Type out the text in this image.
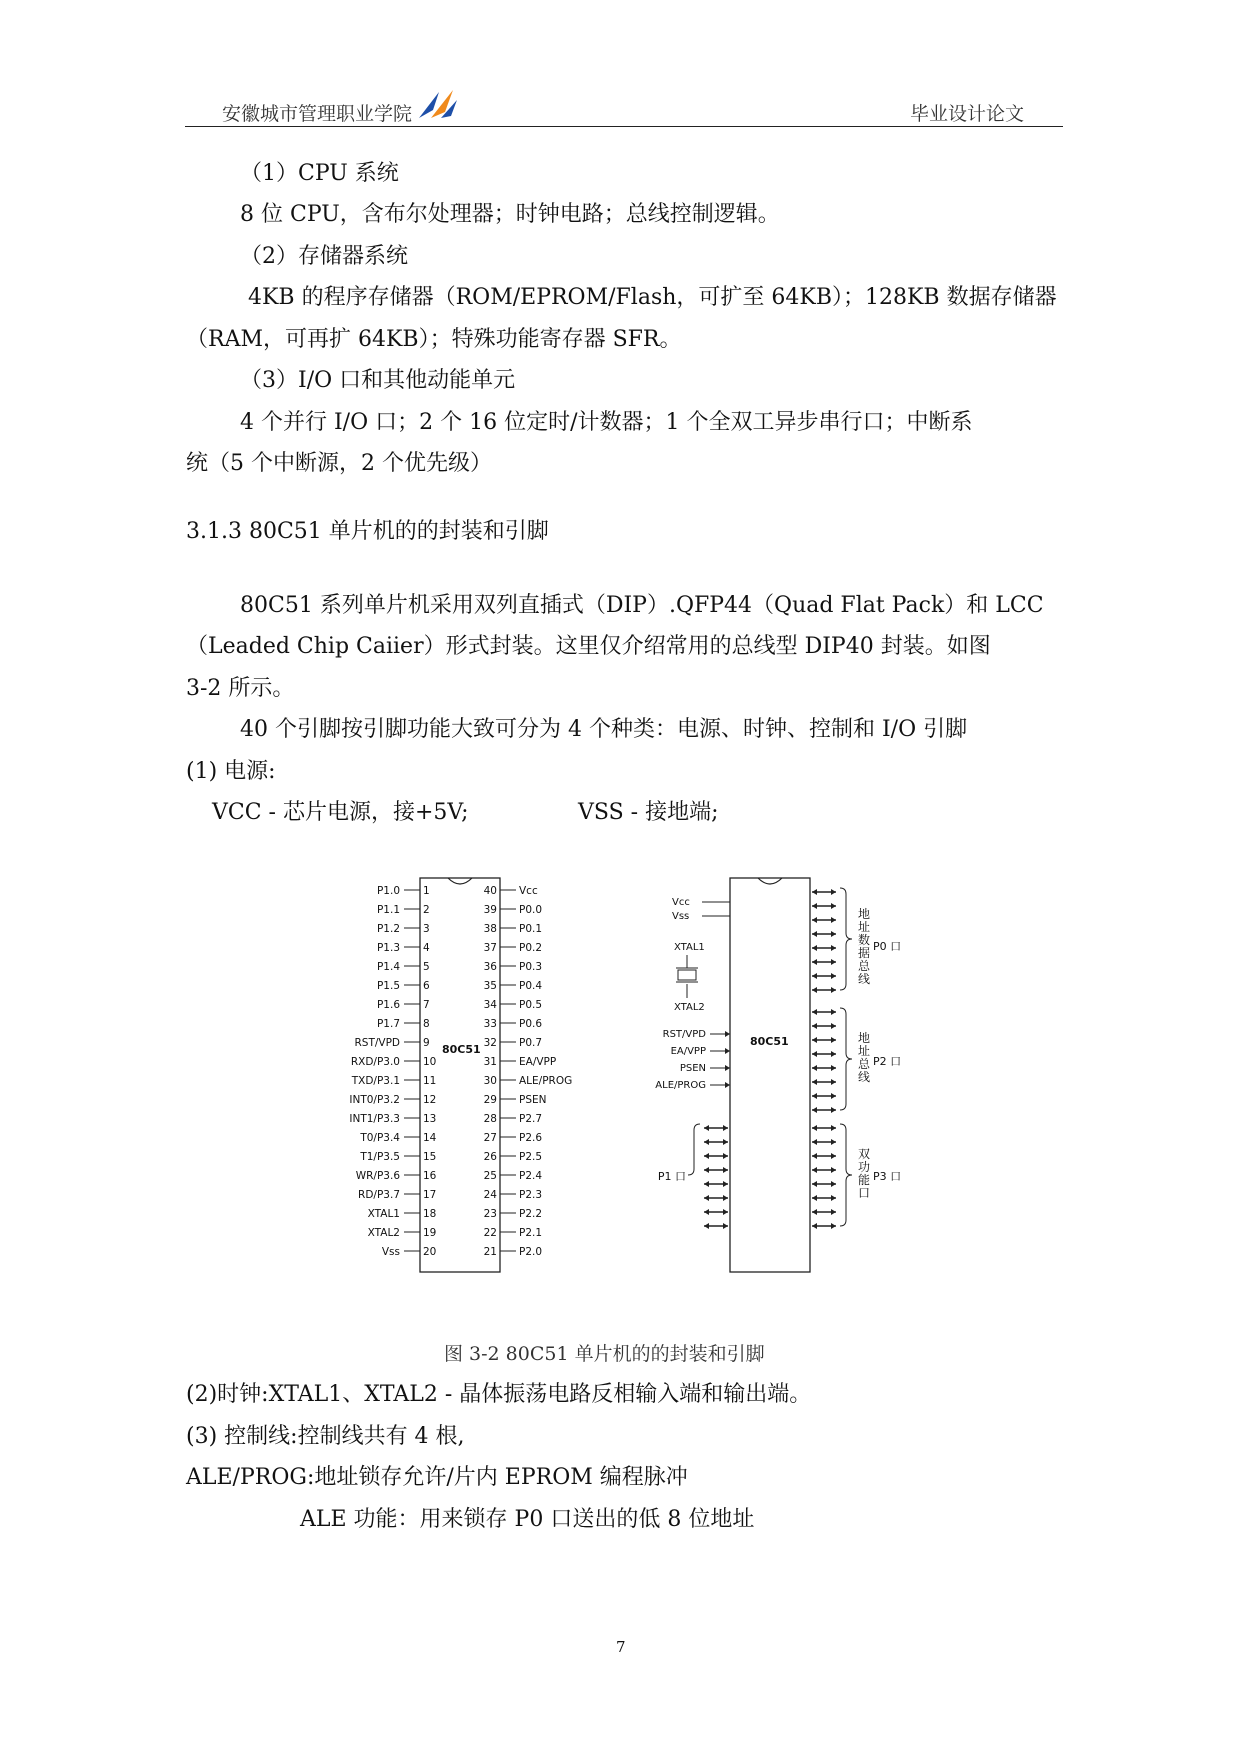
安徽城市管理职业学院	毕业设计论文
（1）CPU 系统
8 位 CPU，含布尔处理器；时钟电路；总线控制逻辑。
（2）存储器系统
4KB 的程序存储器（ROM/EPROM/Flash，可扩至 64KB）；128KB 数据存储器
（RAM，可再扩 64KB）；特殊功能寄存器 SFR。
（3）I/O 口和其他动能单元
4 个并行 I/O 口；2 个 16 位定时/计数器；1 个全双工异步串行口；中断系
统（5 个中断源，2 个优先级）
3.1.3 80C51 单片机的的封装和引脚
80C51 系列单片机采用双列直插式（DIP）.QFP44（Quad Flat Pack）和 LCC
（Leaded Chip Caiier）形式封装。这里仅介绍常用的总线型 DIP40 封装。如图
3-2 所示。
40 个引脚按引脚功能大致可分为 4 个种类：电源、时钟、控制和 I/O 引脚
(1) 电源:
VCC - 芯片电源，接+5V;	VSS - 接地端;
80C51
P1.0 1	40 Vcc
P1.1 2	39 P0.0
P1.2 3	38 P0.1
P1.3 4	37 P0.2
P1.4 5	36 P0.3
P1.5 6	35 P0.4
P1.6 7	34 P0.5
P1.7 8	33 P0.6
RST/VPD 9	32 P0.7
RXD/P3.0 10	31 EA/VPP
TXD/P3.1 11	30 ALE/PROG
INT0/P3.2 12	29 PSEN
INT1/P3.3 13	28 P2.7
T0/P3.4 14	27 P2.6
T1/P3.5 15	26 P2.5
WR/P3.6 16	25 P2.4
RD/P3.7 17	24 P2.3
XTAL1 18	23 P2.2
XTAL2 19	22 P2.1
Vss 20	21 P2.0
80C51
地
址
数
据
总
线
P0 口
地
址
总
线
P2 口
双
功
能
口
P3 口
P1 口
Vcc
Vss
XTAL1
XTAL2
RST/VPD
EA/VPP
PSEN
ALE/PROG
图 3-2 80C51 单片机的的封装和引脚
(2)时钟:XTAL1、XTAL2 - 晶体振荡电路反相输入端和输出端。
(3) 控制线:控制线共有 4 根,
ALE/PROG:地址锁存允许/片内 EPROM 编程脉冲
ALE 功能：用来锁存 P0 口送出的低 8 位地址
7
